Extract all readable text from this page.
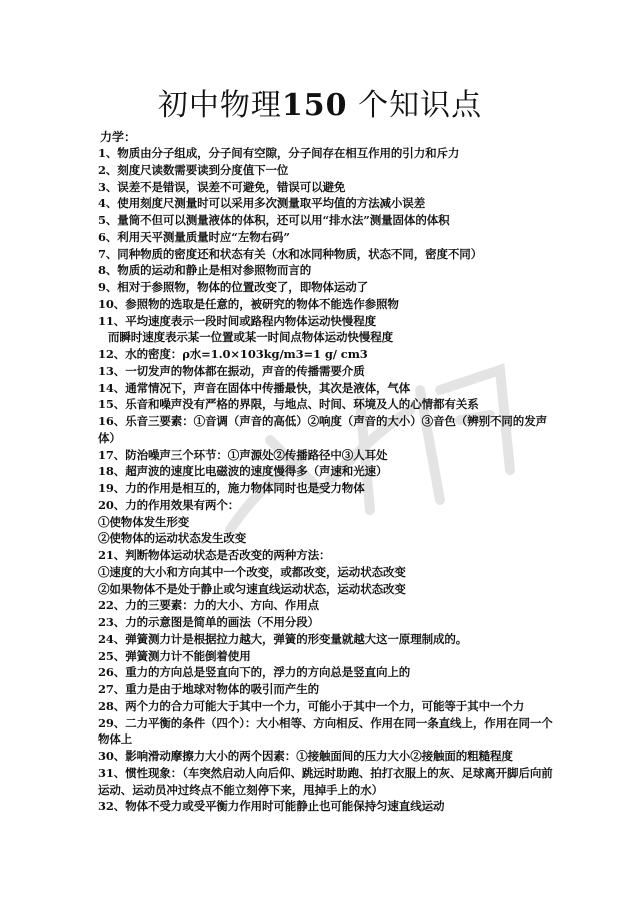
初中物理150 个知识点
力学：
1、物质由分子组成，分子间有空隙，分子间存在相互作用的引力和斥力
2、刻度尺读数需要读到分度值下一位
3、误差不是错误，误差不可避免，错误可以避免
4、使用刻度尺测量时可以采用多次测量取平均值的方法减小误差
5、量筒不但可以测量液体的体积，还可以用“排水法”测量固体的体积
6、利用天平测量质量时应“左物右码”
7、同种物质的密度还和状态有关（水和冰同种物质，状态不同，密度不同）
8、物质的运动和静止是相对参照物而言的
9、相对于参照物，物体的位置改变了，即物体运动了
10、参照物的选取是任意的，被研究的物体不能选作参照物
11、平均速度表示一段时间或路程内物体运动快慢程度
而瞬时速度表示某一位置或某一时间点物体运动快慢程度
12、水的密度：ρ水=1.0×103kg/m3=1 g/ cm3
13、一切发声的物体都在振动，声音的传播需要介质
14、通常情况下，声音在固体中传播最快，其次是液体，气体
15、乐音和噪声没有严格的界限，与地点、时间、环境及人的心情都有关系
16、乐音三要素：①音调（声音的高低）②响度（声音的大小）③音色（辨别不同的发声
体）
17、防治噪声三个环节：①声源处②传播路径中③人耳处
18、超声波的速度比电磁波的速度慢得多（声速和光速）
19、力的作用是相互的，施力物体同时也是受力物体
20、力的作用效果有两个：
①使物体发生形变
②使物体的运动状态发生改变
21、判断物体运动状态是否改变的两种方法：
①速度的大小和方向其中一个改变，或都改变，运动状态改变
②如果物体不是处于静止或匀速直线运动状态，运动状态改变
22、力的三要素：力的大小、方向、作用点
23、力的示意图是简单的画法（不用分段）
24、弹簧测力计是根据拉力越大，弹簧的形变量就越大这一原理制成的。
25、弹簧测力计不能倒着使用
26、重力的方向总是竖直向下的，浮力的方向总是竖直向上的
27、重力是由于地球对物体的吸引而产生的
28、两个力的合力可能大于其中一个力，可能小于其中一个力，可能等于其中一个力
29、二力平衡的条件（四个）：大小相等、方向相反、作用在同一条直线上，作用在同一个
物体上
30、影响滑动摩擦力大小的两个因素：①接触面间的压力大小②接触面的粗糙程度
31、惯性现象：（车突然启动人向后仰、跳远时助跑、拍打衣服上的灰、足球离开脚后向前
运动、运动员冲过终点不能立刻停下来，甩掉手上的水）
32、物体不受力或受平衡力作用时可能静止也可能保持匀速直线运动
